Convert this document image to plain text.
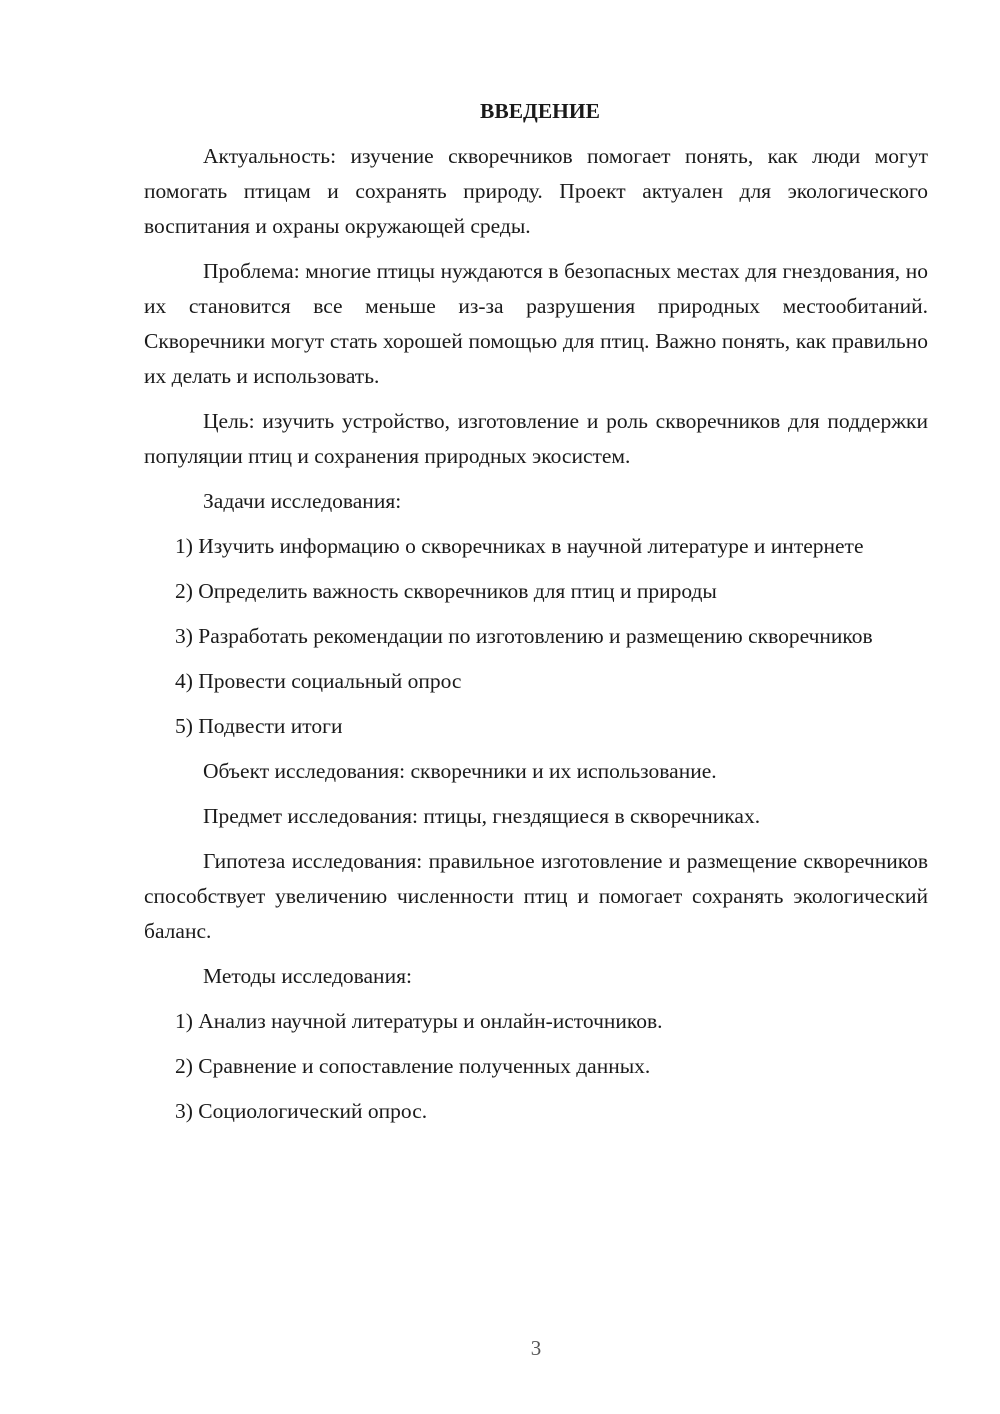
ВВЕДЕНИЕ

Актуальность: изучение скворечников помогает понять, как люди могут помогать птицам и сохранять природу. Проект актуален для экологического воспитания и охраны окружающей среды.

Проблема: многие птицы нуждаются в безопасных местах для гнездования, но их становится все меньше из-за разрушения природных местообитаний. Скворечники могут стать хорошей помощью для птиц. Важно понять, как правильно их делать и использовать.

Цель: изучить устройство, изготовление и роль скворечников для поддержки популяции птиц и сохранения природных экосистем.

Задачи исследования:

1) Изучить информацию о скворечниках в научной литературе и интернете

2) Определить важность скворечников для птиц и природы

3) Разработать рекомендации по изготовлению и размещению скворечников

4) Провести социальный опрос

5) Подвести итоги

Объект исследования: скворечники и их использование.

Предмет исследования: птицы, гнездящиеся в скворечниках.

Гипотеза исследования: правильное изготовление и размещение скворечников способствует увеличению численности птиц и помогает сохранять экологический баланс.

Методы исследования:

1) Анализ научной литературы и онлайн-источников.

2) Сравнение и сопоставление полученных данных.

3) Социологический опрос.

3
